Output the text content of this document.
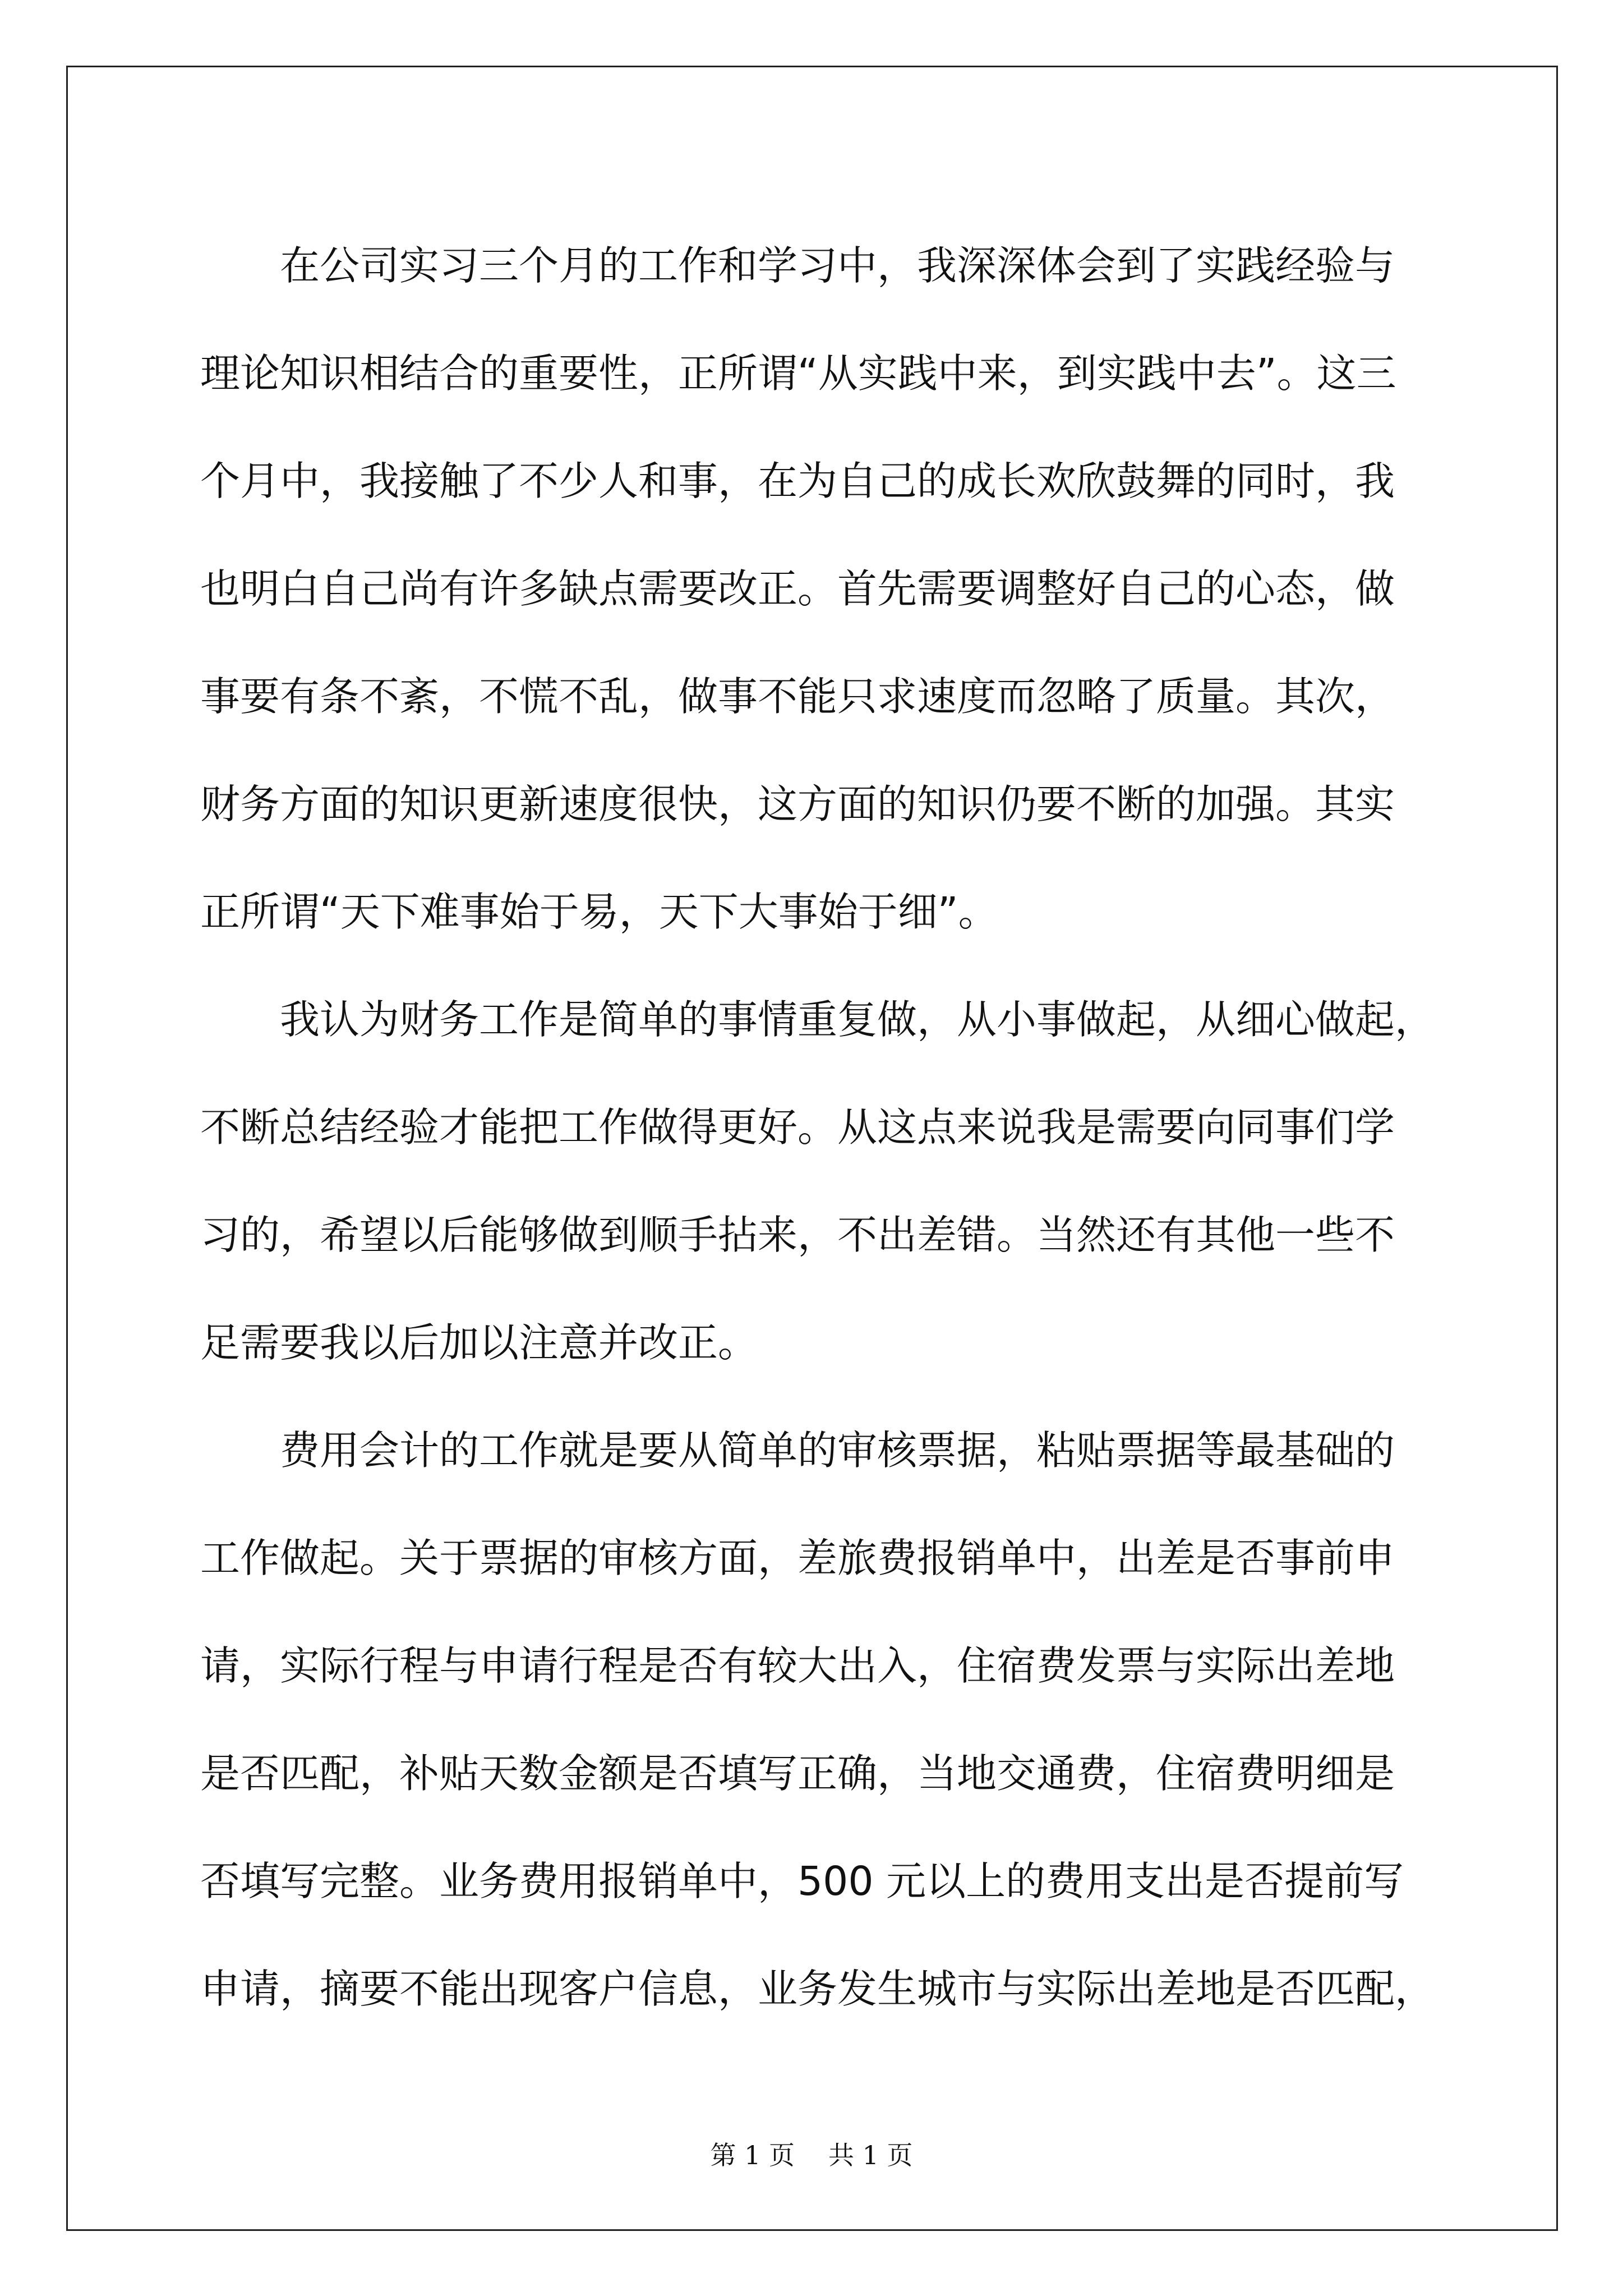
在公司实习三个月的工作和学习中，我深深体会到了实践经验与
理论知识相结合的重要性，正所谓“从实践中来，到实践中去”。这三
个月中，我接触了不少人和事，在为自己的成长欢欣鼓舞的同时，我
也明白自己尚有许多缺点需要改正。首先需要调整好自己的心态，做
事要有条不紊，不慌不乱，做事不能只求速度而忽略了质量。其次，
财务方面的知识更新速度很快，这方面的知识仍要不断的加强。其实
正所谓“天下难事始于易，天下大事始于细”。
我认为财务工作是简单的事情重复做，从小事做起，从细心做起，
不断总结经验才能把工作做得更好。从这点来说我是需要向同事们学
习的，希望以后能够做到顺手拈来，不出差错。当然还有其他一些不
足需要我以后加以注意并改正。
费用会计的工作就是要从简单的审核票据，粘贴票据等最基础的
工作做起。关于票据的审核方面，差旅费报销单中，出差是否事前申
请，实际行程与申请行程是否有较大出入，住宿费发票与实际出差地
是否匹配，补贴天数金额是否填写正确，当地交通费，住宿费明细是
否填写完整。业务费用报销单中，500 元以上的费用支出是否提前写
申请，摘要不能出现客户信息，业务发生城市与实际出差地是否匹配，
第 1 页 共 1 页
